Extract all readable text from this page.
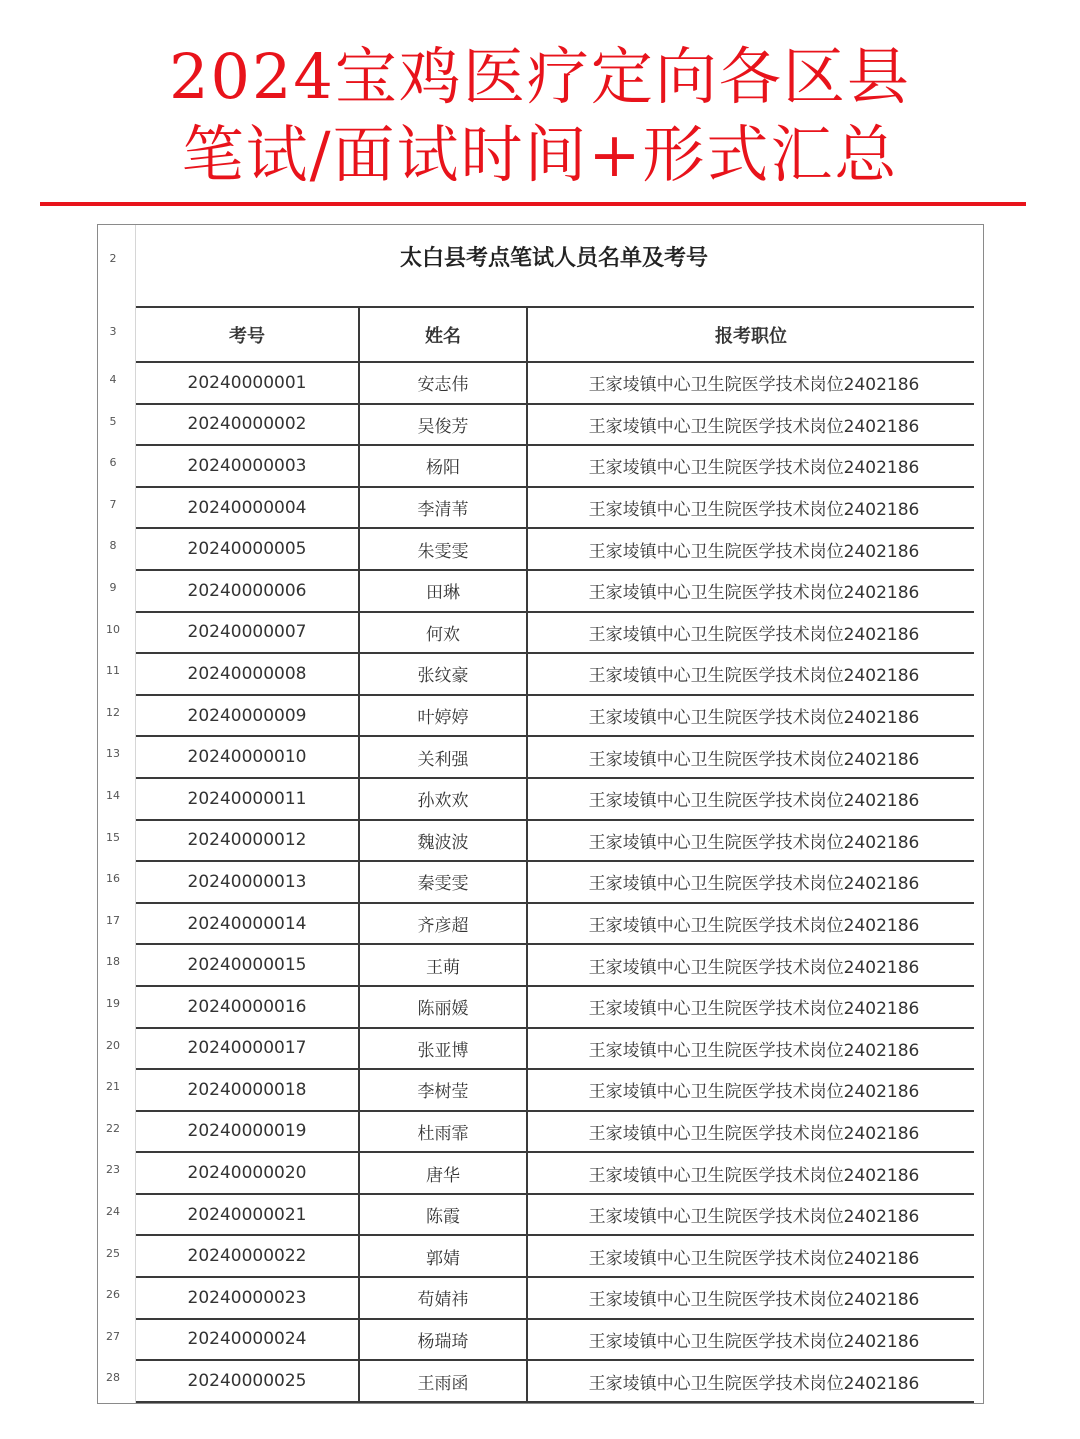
2024宝鸡医疗定向各区县
笔试/面试时间+形式汇总
2
3
4
5
6
7
8
9
10
11
12
13
14
15
16
17
18
19
20
21
22
23
24
25
26
27
28
太白县考点笔试人员名单及考号
考号	姓名	报考职位
20240000001	安志伟	王家堎镇中心卫生院医学技术岗位2402186
20240000002	吴俊芳	王家堎镇中心卫生院医学技术岗位2402186
20240000003	杨阳	王家堎镇中心卫生院医学技术岗位2402186
20240000004	李清苇	王家堎镇中心卫生院医学技术岗位2402186
20240000005	朱雯雯	王家堎镇中心卫生院医学技术岗位2402186
20240000006	田琳	王家堎镇中心卫生院医学技术岗位2402186
20240000007	何欢	王家堎镇中心卫生院医学技术岗位2402186
20240000008	张纹豪	王家堎镇中心卫生院医学技术岗位2402186
20240000009	叶婷婷	王家堎镇中心卫生院医学技术岗位2402186
20240000010	关利强	王家堎镇中心卫生院医学技术岗位2402186
20240000011	孙欢欢	王家堎镇中心卫生院医学技术岗位2402186
20240000012	魏波波	王家堎镇中心卫生院医学技术岗位2402186
20240000013	秦雯雯	王家堎镇中心卫生院医学技术岗位2402186
20240000014	齐彦超	王家堎镇中心卫生院医学技术岗位2402186
20240000015	王萌	王家堎镇中心卫生院医学技术岗位2402186
20240000016	陈丽媛	王家堎镇中心卫生院医学技术岗位2402186
20240000017	张亚博	王家堎镇中心卫生院医学技术岗位2402186
20240000018	李树莹	王家堎镇中心卫生院医学技术岗位2402186
20240000019	杜雨霏	王家堎镇中心卫生院医学技术岗位2402186
20240000020	唐华	王家堎镇中心卫生院医学技术岗位2402186
20240000021	陈霞	王家堎镇中心卫生院医学技术岗位2402186
20240000022	郭婧	王家堎镇中心卫生院医学技术岗位2402186
20240000023	苟婧祎	王家堎镇中心卫生院医学技术岗位2402186
20240000024	杨瑞琦	王家堎镇中心卫生院医学技术岗位2402186
20240000025	王雨函	王家堎镇中心卫生院医学技术岗位2402186
